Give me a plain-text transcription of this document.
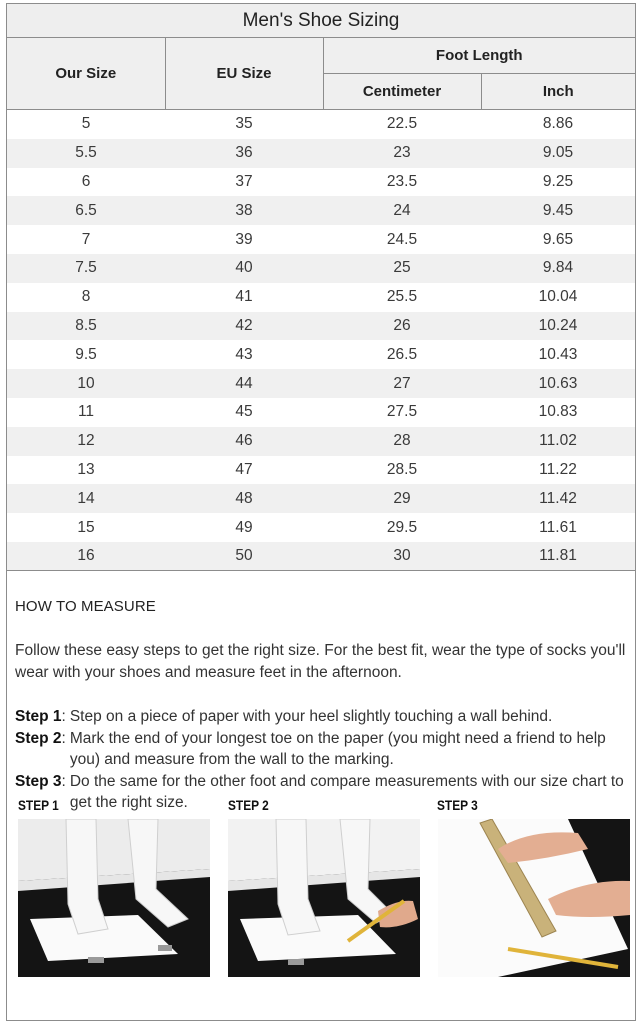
Men's Shoe Sizing
Our Size	EU Size	Foot Length	
		Centimeter	Inch
5	35	22.5	8.86
5.5	36	23	9.05
6	37	23.5	9.25
6.5	38	24	9.45
7	39	24.5	9.65
7.5	40	25	9.84
8	41	25.5	10.04
8.5	42	26	10.24
9.5	43	26.5	10.43
10	44	27	10.63
11	45	27.5	10.83
12	46	28	11.02
13	47	28.5	11.22
14	48	29	11.42
15	49	29.5	11.61
16	50	30	11.81
HOW TO MEASURE
Follow these easy steps to get the right size. For the best fit, wear the type of socks you'll wear with your shoes and measure feet in the afternoon.
Step 1: Step on a piece of paper with your heel slightly touching a wall behind.
Step 2: Mark the end of your longest toe on the paper (you might need a friend to help you) and measure from the wall to the marking.
Step 3: Do the same for the other foot and compare measurements with our size chart to get the right size.
STEP 1	STEP 2	STEP 3
